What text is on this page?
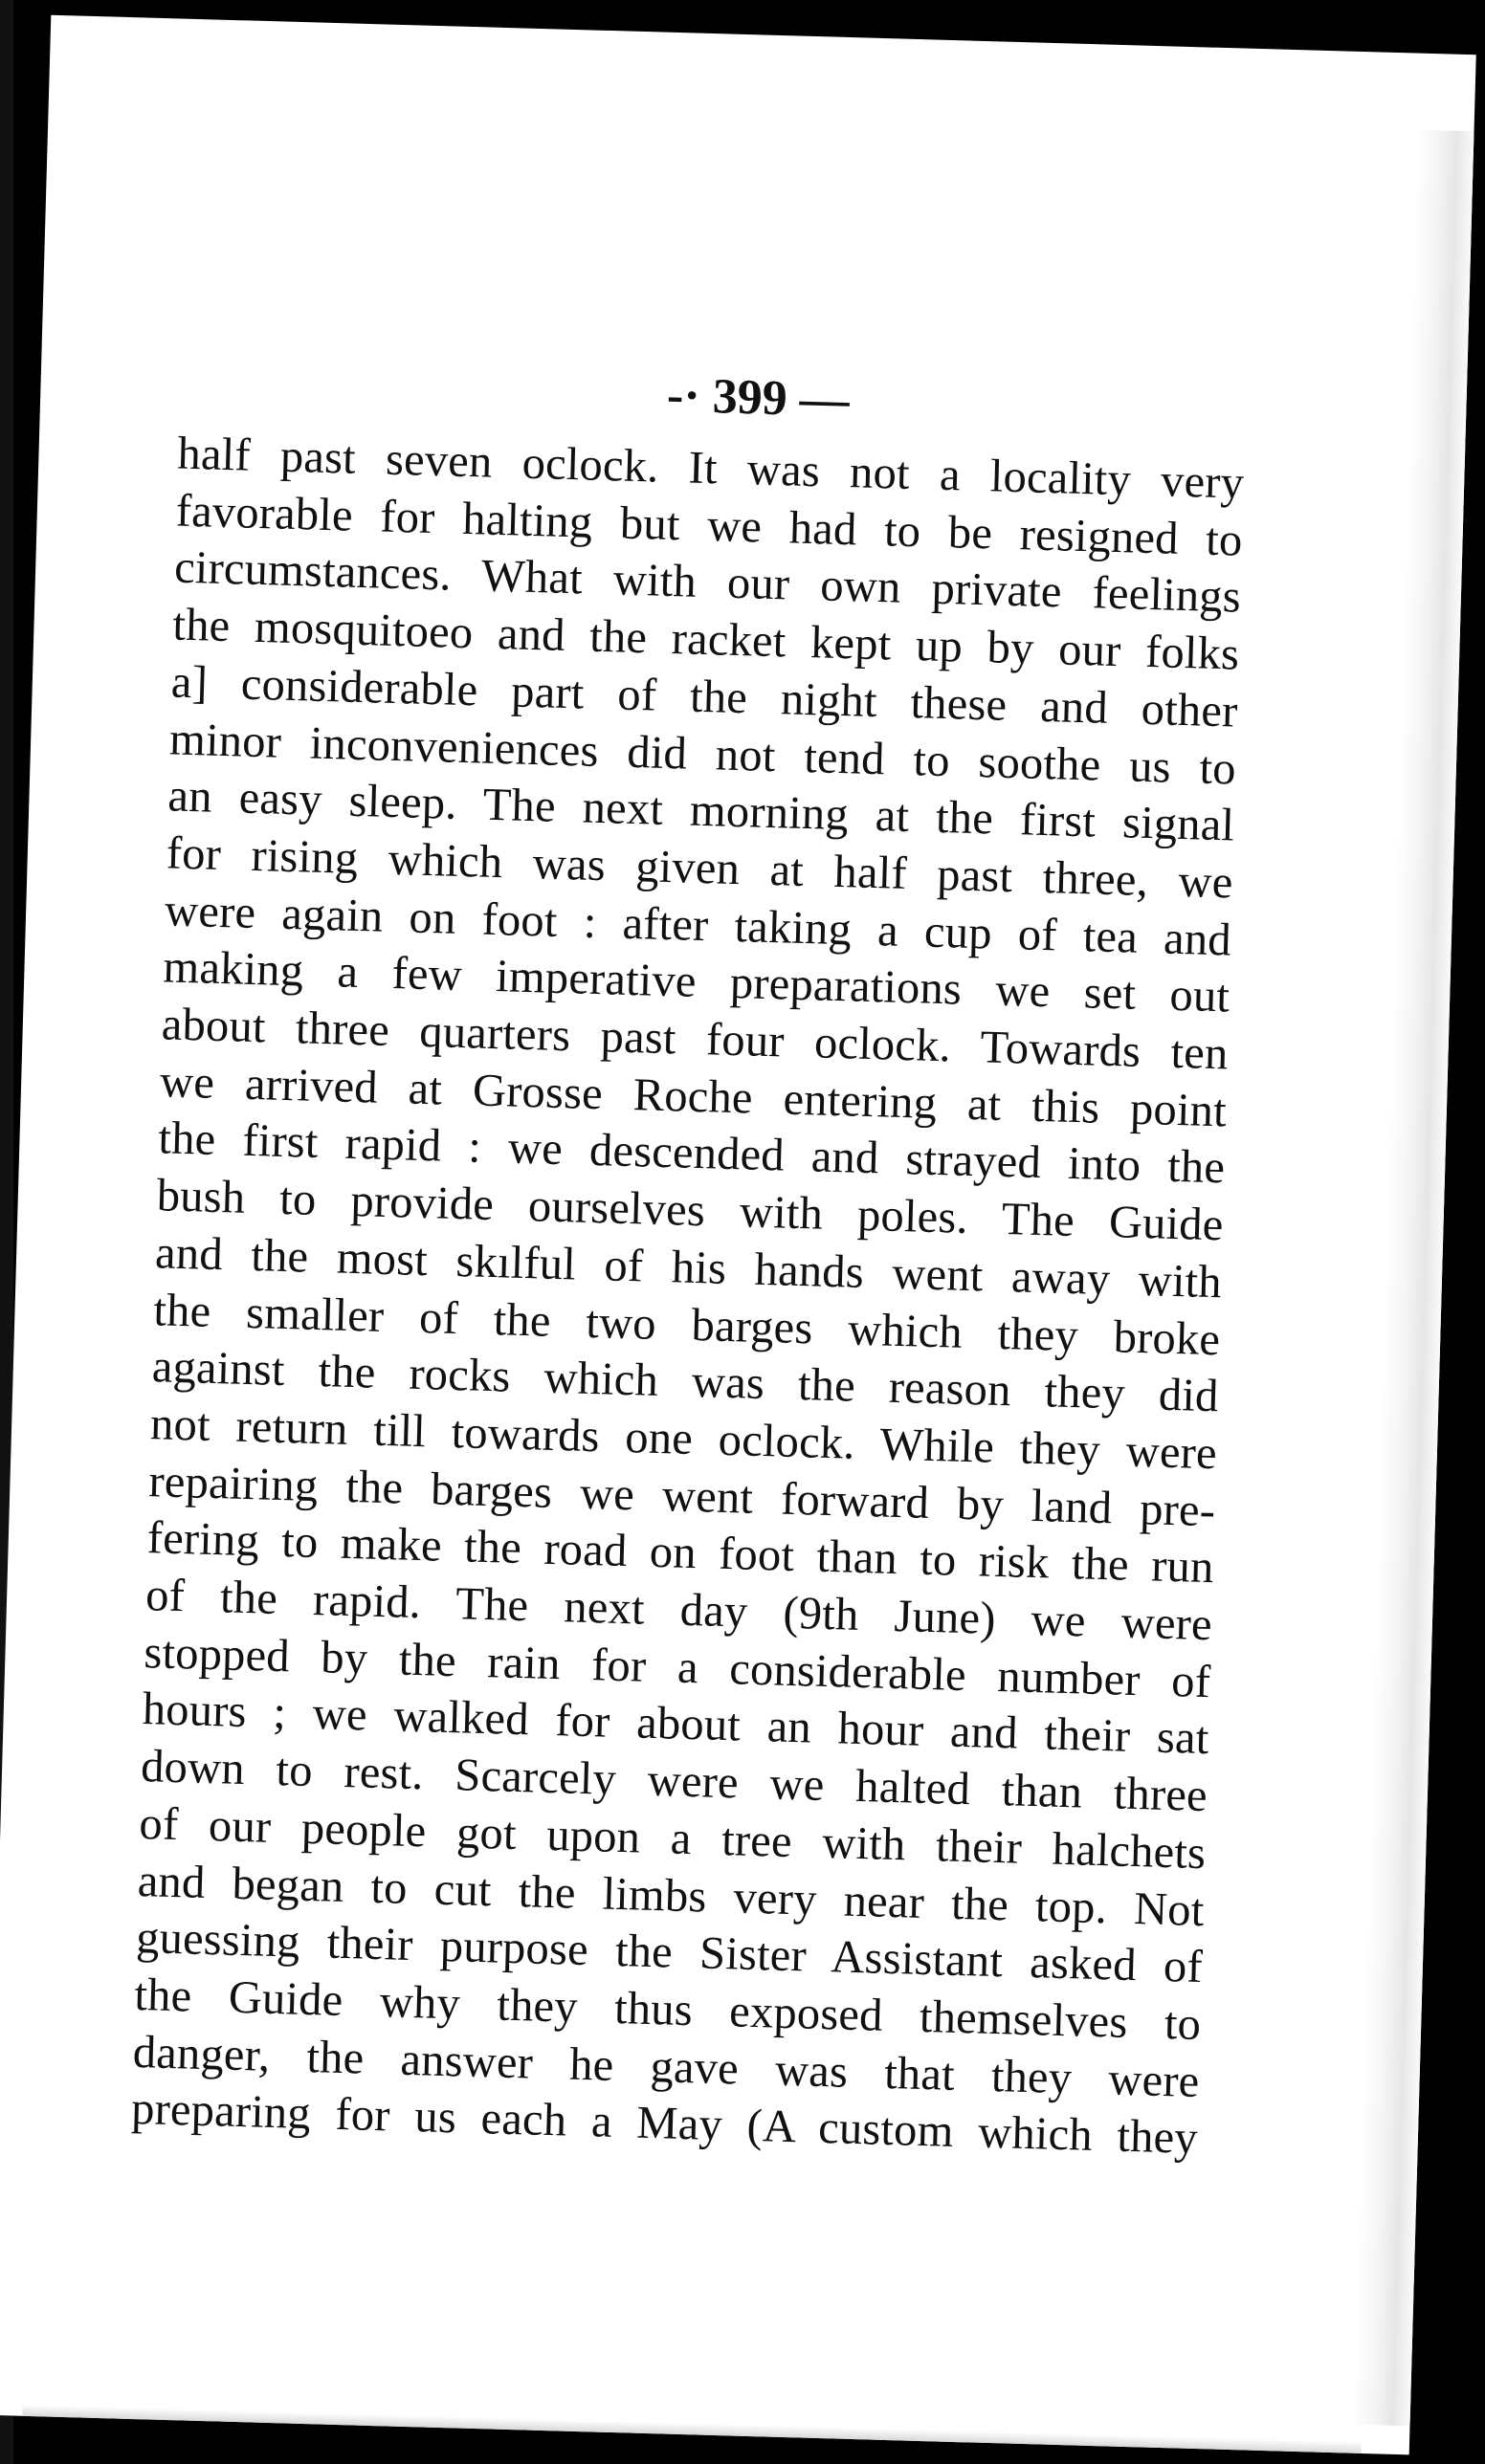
-· 399 —
half past seven oclock. It was not a locality very
favorable for halting but we had to be resigned to
circumstances. What with our own private feelings
the mosquitoeo and the racket kept up by our folks
a] considerable part of the night these and other
minor inconveniences did not tend to soothe us to
an easy sleep. The next morning at the first signal
for rising which was given at half past three, we
were again on foot : after taking a cup of tea and
making a few imperative preparations we set out
about three quarters past four oclock. Towards ten
we arrived at Grosse Roche entering at this point
the first rapid : we descended and strayed into the
bush to provide ourselves with poles. The Guide
and the most skılful of his hands went away with
the smaller of the two barges which they broke
against the rocks which was the reason they did
not return till towards one oclock. While they were
repairing the barges we went forward by land pre-
fering to make the road on foot than to risk the run
of the rapid. The next day (9th June) we were
stopped by the rain for a considerable number of
hours ; we walked for about an hour and their sat
down to rest. Scarcely were we halted than three
of our people got upon a tree with their halchets
and began to cut the limbs very near the top. Not
guessing their purpose the Sister Assistant asked of
the Guide why they thus exposed themselves to
danger, the answer he gave was that they were
preparing for us each a May (A custom which they
